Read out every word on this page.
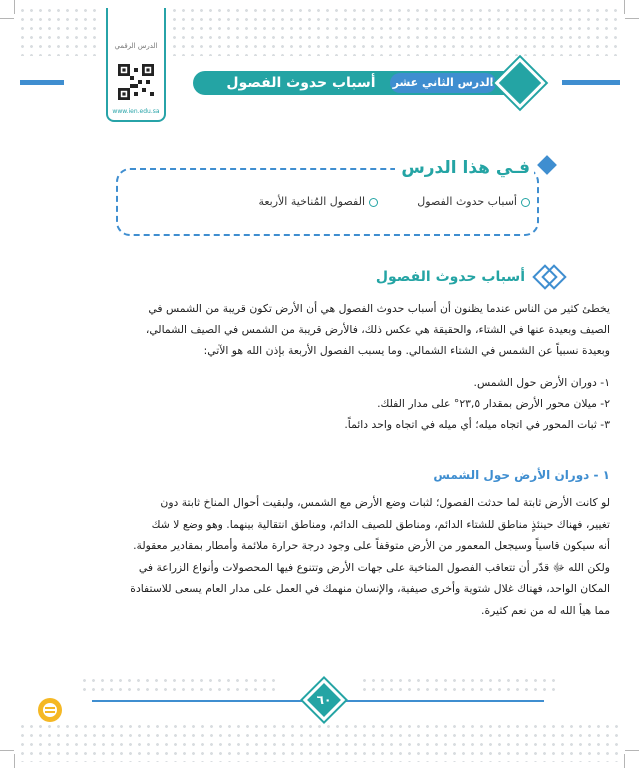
الدرس الرقمي
www.ien.edu.sa
أسباب حدوث الفصول المناخية
الدرس الثاني عشر
فـي هذا الدرس
أسباب حدوث الفصول
الفصول المُناخية الأربعة
أسباب حدوث الفصول

يخطئ كثير من الناس عندما يظنون أن أسباب حدوث الفصول هي أن الأرض تكون قريبة من الشمس في

الصيف وبعيدة عنها في الشتاء، والحقيقة هي عكس ذلك، فالأرض قريبة من الشمس في الصيف الشمالي،

وبعيدة نسبياً عن الشمس في الشتاء الشمالي. وما يسبب الفصول الأربعة بإذن الله هو الآتي:

١- دوران الأرض حول الشمس.

٢- ميلان محور الأرض بمقدار ٢٣,٥° على مدار الفلك.

٣- ثبات المحور في اتجاه ميله؛ أي ميله في اتجاه واحد دائماً.

١ - دوران الأرض حول الشمس

لو كانت الأرض ثابتة لما حدثت الفصول؛ لثبات وضع الأرض مع الشمس، ولبقيت أحوال المناخ ثابتة دون

تغيير، فهناك حينئذٍ مناطق للشتاء الدائم، ومناطق للصيف الدائم، ومناطق انتقالية بينهما. وهو وضع لا شك

أنه سيكون قاسياً وسيجعل المعمور من الأرض متوقفاً على وجود درجة حرارة ملائمة وأمطار بمقادير معقولة.

ولكن الله ﷻ قدّر أن تتعاقب الفصول المناخية على جهات الأرض وتتنوع فيها المحصولات وأنواع الزراعة في

المكان الواحد، فهناك غلال شتوية وأخرى صيفية، والإنسان منهمك في العمل على مدار العام يسعى للاستفادة

مما هيأ الله له من نعم كثيرة.

٦٠
